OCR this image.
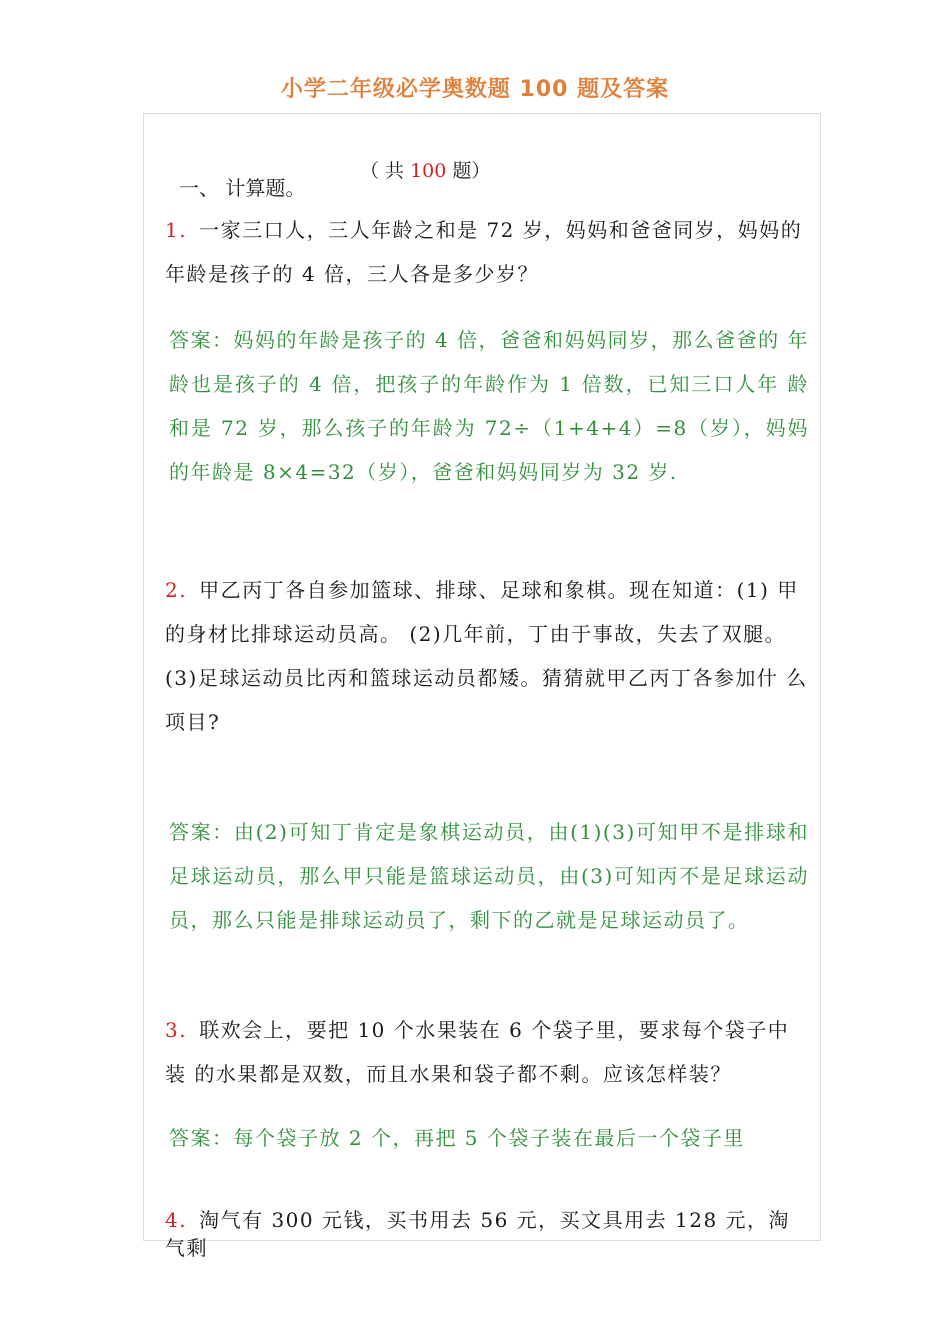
小学二年级必学奥数题 100 题及答案
（ 共 100 题）
一、 计算题。
1. 一家三口人，三人年龄之和是 72 岁，妈妈和爸爸同岁，妈妈的 年龄是孩子的 4 倍，三人各是多少岁？
答案：妈妈的年龄是孩子的 4 倍，爸爸和妈妈同岁，那么爸爸的 年龄也是孩子的 4 倍，把孩子的年龄作为 1 倍数，已知三口人年 龄和是 72 岁，那么孩子的年龄为 72÷（1+4+4）=8（岁），妈妈 的年龄是 8×4=32（岁），爸爸和妈妈同岁为 32 岁.
2. 甲乙丙丁各自参加篮球、排球、足球和象棋。现在知道：(1) 甲 的身材比排球运动员高。 (2)几年前，丁由于事故，失去了双腿。
(3)足球运动员比丙和篮球运动员都矮。猜猜就甲乙丙丁各参加什 么项目?
答案：由(2)可知丁肯定是象棋运动员，由(1)(3)可知甲不是排球和足球运动员，那么甲只能是篮球运动员，由(3)可知丙不是足球运动员，那么只能是排球运动员了，剩下的乙就是足球运动员了。
3. 联欢会上，要把 10 个水果装在 6 个袋子里，要求每个袋子中装 的水果都是双数，而且水果和袋子都不剩。应该怎样装？
答案：每个袋子放 2 个，再把 5 个袋子装在最后一个袋子里
4. 淘气有 300 元钱，买书用去 56 元，买文具用去 128 元，淘气剩
